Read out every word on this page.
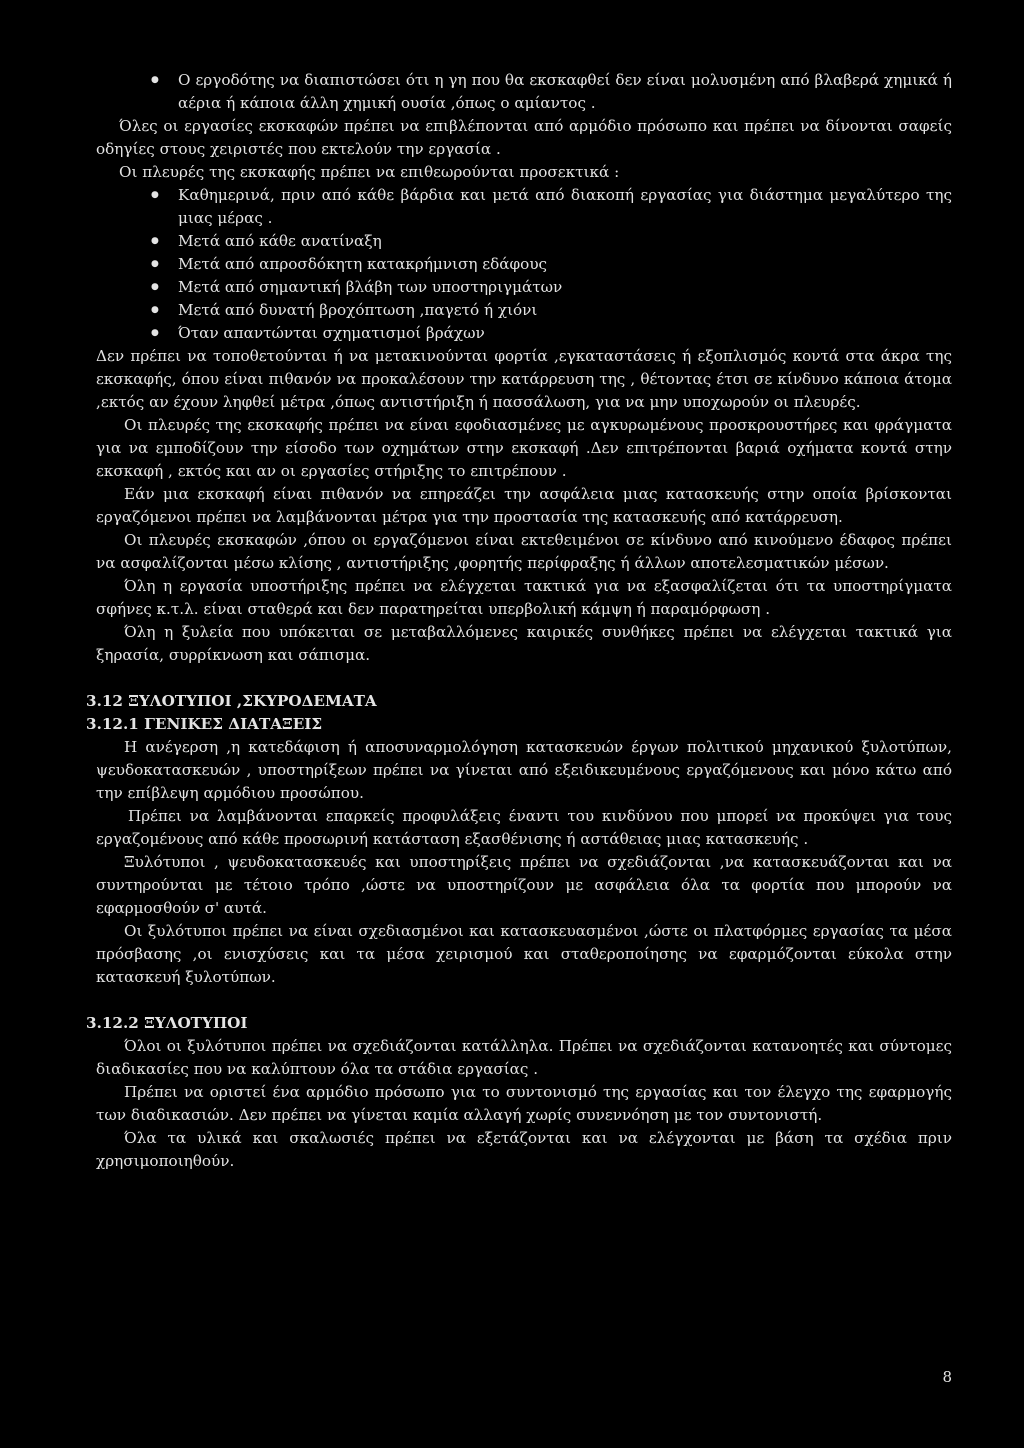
● Ο εργοδότης να διαπιστώσει ότι η γη που θα εκσκαφθεί δεν είναι μολυσμένη από βλαβερά χημικά ή αέρια ή κάποια άλλη χημική ουσία ,όπως ο αμίαντος .

Όλες οι εργασίες εκσκαφών πρέπει να επιβλέπονται από αρμόδιο πρόσωπο και πρέπει να δίνονται σαφείς οδηγίες στους χειριστές που εκτελούν την εργασία .

Οι πλευρές της εκσκαφής πρέπει να επιθεωρούνται προσεκτικά :

● Καθημερινά, πριν από κάθε βάρδια και μετά από διακοπή εργασίας για διάστημα μεγαλύτερο της μιας μέρας .
● Μετά από κάθε ανατίναξη
● Μετά από απροσδόκητη κατακρήμνιση εδάφους
● Μετά από σημαντική βλάβη των υποστηριγμάτων
● Μετά από δυνατή βροχόπτωση ,παγετό ή χιόνι
● Όταν απαντώνται σχηματισμοί βράχων

Δεν πρέπει να τοποθετούνται ή να μετακινούνται φορτία ,εγκαταστάσεις ή εξοπλισμός κοντά στα άκρα της εκσκαφής, όπου είναι πιθανόν να προκαλέσουν την κατάρρευση της , θέτοντας έτσι σε κίνδυνο κάποια άτομα ,εκτός αν έχουν ληφθεί μέτρα ,όπως αντιστήριξη ή πασσάλωση, για να μην υποχωρούν οι πλευρές.

Οι πλευρές της εκσκαφής πρέπει να είναι εφοδιασμένες με αγκυρωμένους προσκρουστήρες και φράγματα για να εμποδίζουν την είσοδο των οχημάτων στην εκσκαφή .Δεν επιτρέπονται βαριά οχήματα κοντά στην εκσκαφή , εκτός και αν οι εργασίες στήριξης το επιτρέπουν .

Εάν μια εκσκαφή είναι πιθανόν να επηρεάζει την ασφάλεια μιας κατασκευής στην οποία βρίσκονται εργαζόμενοι πρέπει να λαμβάνονται μέτρα για την προστασία της κατασκευής από κατάρρευση.

Οι πλευρές εκσκαφών ,όπου οι εργαζόμενοι είναι εκτεθειμένοι σε κίνδυνο από κινούμενο έδαφος πρέπει να ασφαλίζονται μέσω κλίσης , αντιστήριξης ,φορητής περίφραξης ή άλλων αποτελεσματικών μέσων.

Όλη η εργασία υποστήριξης πρέπει να ελέγχεται τακτικά για να εξασφαλίζεται ότι τα υποστηρίγματα σφήνες κ.τ.λ. είναι σταθερά και δεν παρατηρείται υπερβολική κάμψη ή παραμόρφωση .

Όλη η ξυλεία που υπόκειται σε μεταβαλλόμενες καιρικές συνθήκες πρέπει να ελέγχεται τακτικά για ξηρασία, συρρίκνωση και σάπισμα.

3.12 ΞΥΛΟΤΥΠΟΙ ,ΣΚΥΡΟΔΕΜΑΤΑ
3.12.1 ΓΕΝΙΚΕΣ ΔΙΑΤΑΞΕΙΣ

Η ανέγερση ,η κατεδάφιση ή αποσυναρμολόγηση κατασκευών έργων πολιτικού μηχανικού ξυλοτύπων, ψευδοκατασκευών , υποστηρίξεων πρέπει να γίνεται από εξειδικευμένους εργαζόμενους και μόνο κάτω από την επίβλεψη αρμόδιου προσώπου.

Πρέπει να λαμβάνονται επαρκείς προφυλάξεις έναντι του κινδύνου που μπορεί να προκύψει για τους εργαζομένους από κάθε προσωρινή κατάσταση εξασθένισης ή αστάθειας μιας κατασκευής .

Ξυλότυποι , ψευδοκατασκευές και υποστηρίξεις πρέπει να σχεδιάζονται ,να κατασκευάζονται και να συντηρούνται με τέτοιο τρόπο ,ώστε να υποστηρίζουν με ασφάλεια όλα τα φορτία που μπορούν να εφαρμοσθούν σ' αυτά.

Οι ξυλότυποι πρέπει να είναι σχεδιασμένοι και κατασκευασμένοι ,ώστε οι πλατφόρμες εργασίας τα μέσα πρόσβασης ,οι ενισχύσεις και τα μέσα χειρισμού και σταθεροποίησης να εφαρμόζονται εύκολα στην κατασκευή ξυλοτύπων.

3.12.2 ΞΥΛΟΤΥΠΟΙ

Όλοι οι ξυλότυποι πρέπει να σχεδιάζονται κατάλληλα. Πρέπει να σχεδιάζονται κατανοητές και σύντομες διαδικασίες που να καλύπτουν όλα τα στάδια εργασίας .

Πρέπει να οριστεί ένα αρμόδιο πρόσωπο για το συντονισμό της εργασίας και τον έλεγχο της εφαρμογής των διαδικασιών. Δεν πρέπει να γίνεται καμία αλλαγή χωρίς συνεννόηση με τον συντονιστή.

Όλα τα υλικά και σκαλωσιές πρέπει να εξετάζονται και να ελέγχονται με βάση τα σχέδια πριν χρησιμοποιηθούν.

8
